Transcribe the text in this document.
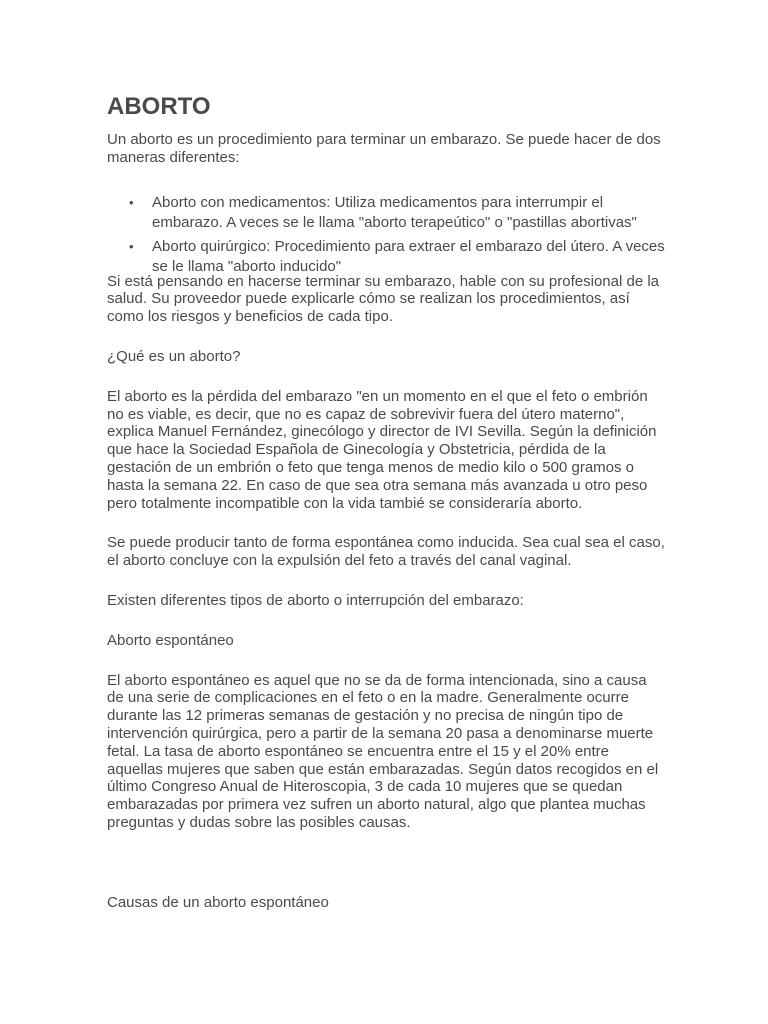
ABORTO

Un aborto es un procedimiento para terminar un embarazo. Se puede hacer de dos maneras diferentes:

• Aborto con medicamentos: Utiliza medicamentos para interrumpir el embarazo. A veces se le llama "aborto terapeútico" o "pastillas abortivas"
• Aborto quirúrgico: Procedimiento para extraer el embarazo del útero. A veces se le llama "aborto inducido"

Si está pensando en hacerse terminar su embarazo, hable con su profesional de la salud. Su proveedor puede explicarle cómo se realizan los procedimientos, así como los riesgos y beneficios de cada tipo.

¿Qué es un aborto?

El aborto es la pérdida del embarazo "en un momento en el que el feto o embrión no es viable, es decir, que no es capaz de sobrevivir fuera del útero materno", explica Manuel Fernández, ginecólogo y director de IVI Sevilla. Según la definición que hace la Sociedad Española de Ginecología y Obstetricia, pérdida de la gestación de un embrión o feto que tenga menos de medio kilo o 500 gramos o hasta la semana 22. En caso de que sea otra semana más avanzada u otro peso pero totalmente incompatible con la vida tambié se consideraría aborto.

Se puede producir tanto de forma espontánea como inducida. Sea cual sea el caso, el aborto concluye con la expulsión del feto a través del canal vaginal.

Existen diferentes tipos de aborto o interrupción del embarazo:

Aborto espontáneo

El aborto espontáneo es aquel que no se da de forma intencionada, sino a causa de una serie de complicaciones en el feto o en la madre. Generalmente ocurre durante las 12 primeras semanas de gestación y no precisa de ningún tipo de intervención quirúrgica, pero a partir de la semana 20 pasa a denominarse muerte fetal. La tasa de aborto espontáneo se encuentra entre el 15 y el 20% entre aquellas mujeres que saben que están embarazadas. Según datos recogidos en el último Congreso Anual de Hiteroscopia, 3 de cada 10 mujeres que se quedan embarazadas por primera vez sufren un aborto natural, algo que plantea muchas preguntas y dudas sobre las posibles causas.

Causas de un aborto espontáneo
